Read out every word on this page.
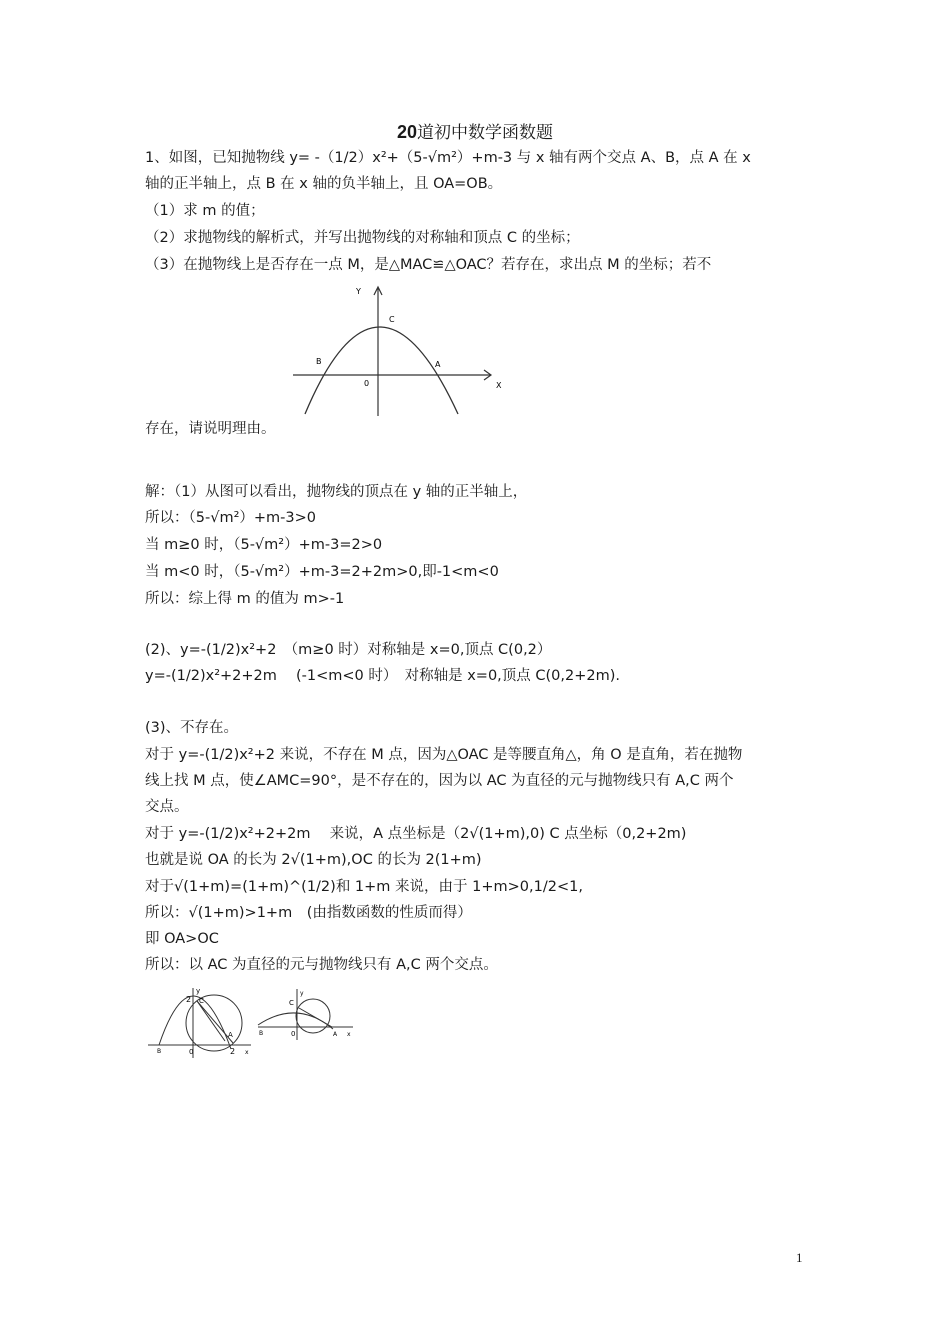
20道初中数学函数题
1、如图，已知抛物线 y= -（1/2）x²+（5-√m²）+m-3 与 x 轴有两个交点 A、B，点 A 在 x
轴的正半轴上，点 B 在 x 轴的负半轴上，且 OA=OB。
（1）求 m 的值；
（2）求抛物线的解析式，并写出抛物线的对称轴和顶点 C 的坐标；
（3）在抛物线上是否存在一点 M，是△MAC≌△OAC？若存在，求出点 M 的坐标；若不
Y
X
C
B	A
0
存在，请说明理由。
解：（1）从图可以看出，抛物线的顶点在 y 轴的正半轴上，
所以：（5-√m²）+m-3>0
当 m≥0 时，（5-√m²）+m-3=2>0
当 m<0 时，（5-√m²）+m-3=2+2m>0,即-1<m<0
所以：综上得 m 的值为 m>-1
(2)、y=-(1/2)x²+2　（m≥0 时）对称轴是 x=0,顶点 C(0,2）
y=-(1/2)x²+2+2m　 (-1<m<0 时）　对称轴是 x=0,顶点 C(0,2+2m).
(3)、不存在。
对于 y=-(1/2)x²+2 来说，不存在 M 点，因为△OAC 是等腰直角△，角 O 是直角，若在抛物
线上找 M 点，使∠AMC=90°，是不存在的，因为以 AC 为直径的元与抛物线只有 A,C 两个
交点。
对于 y=-(1/2)x²+2+2m　 来说，A 点坐标是（2√(1+m),0) C 点坐标（0,2+2m)
也就是说 OA 的长为 2√(1+m),OC 的长为 2(1+m)
对于√(1+m)=(1+m)^(1/2)和 1+m 来说，由于 1+m>0,1/2<1,
所以：√(1+m)>1+m　(由指数函数的性质而得）
即 OA>OC
所以：以 AC 为直径的元与抛物线只有 A,C 两个交点。
y
2 C
A
B	0	2 x
y
C
B	0	A x
1
